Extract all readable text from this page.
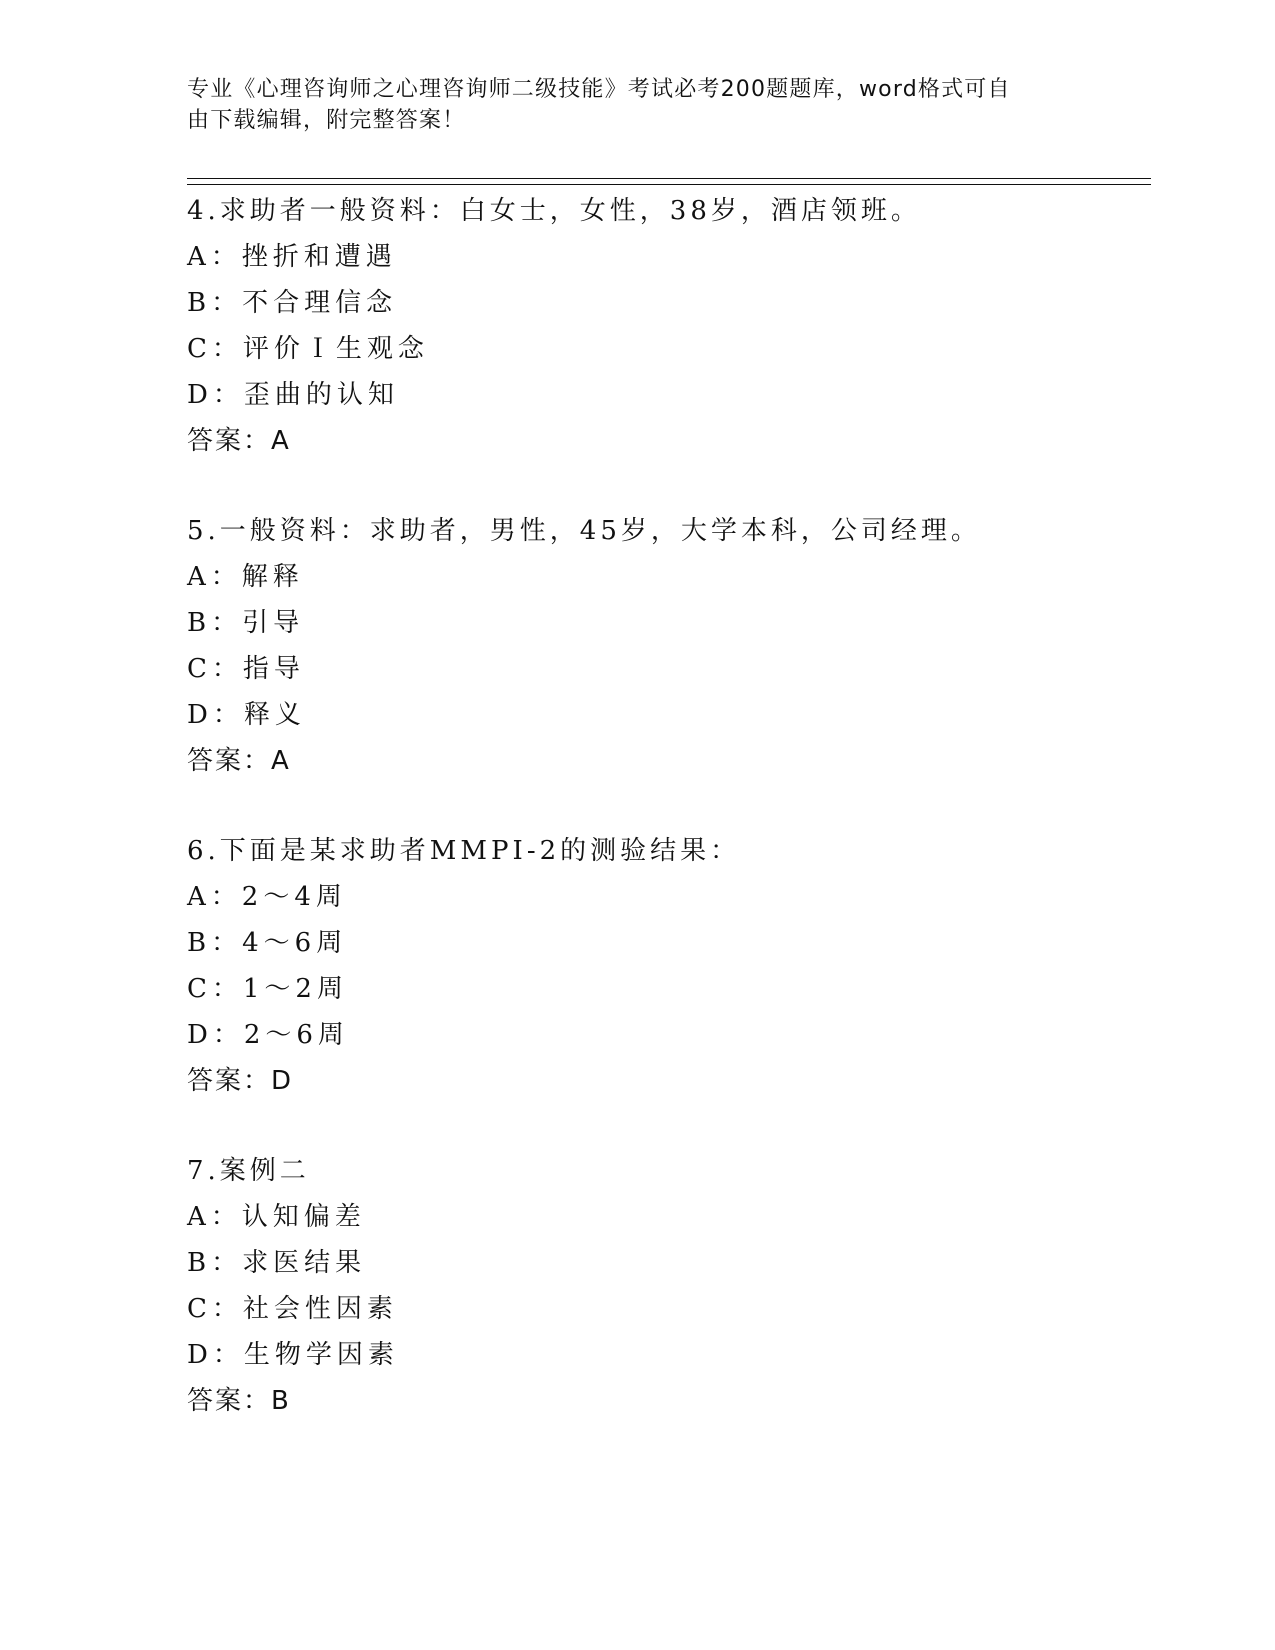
专业《心理咨询师之心理咨询师二级技能》考试必考200题题库，word格式可自
由下载编辑，附完整答案！
4.求助者一般资料：白女士，女性，38岁，酒店领班。
A：挫折和遭遇
B：不合理信念
C：评价Ｉ生观念
D：歪曲的认知
答案：A
5.一般资料：求助者，男性，45岁，大学本科，公司经理。
A：解释
B：引导
C：指导
D：释义
答案：A
6.下面是某求助者MMPI-2的测验结果：
A：2～4周
B：4～6周
C：1～2周
D：2～6周
答案：D
7.案例二
A：认知偏差
B：求医结果
C：社会性因素
D：生物学因素
答案：B
